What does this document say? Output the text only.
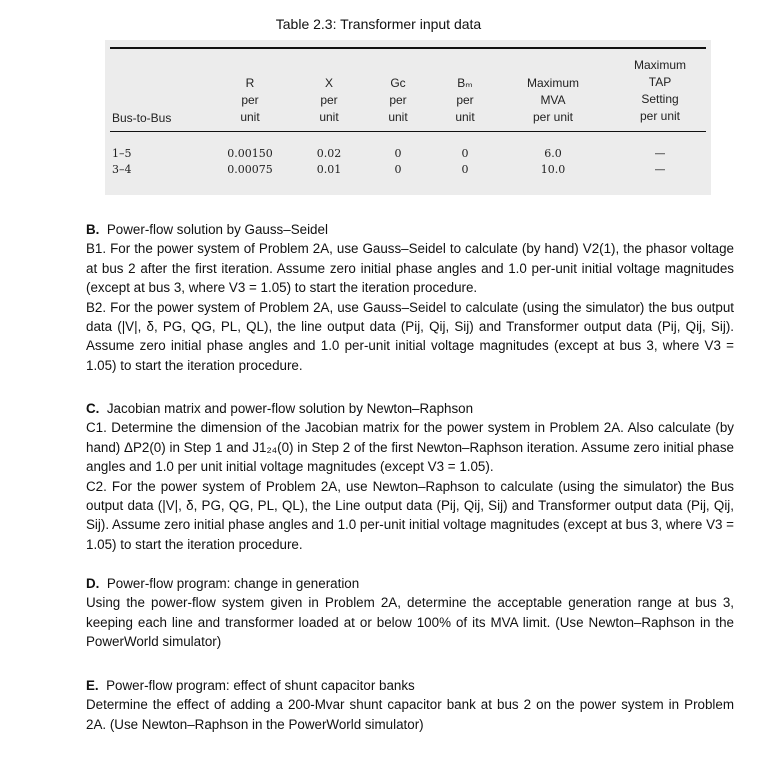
Table 2.3: Transformer input data
Bus-to-Bus
R
per
unit
X
per
unit
Gᴄ
per
unit
Bₘ
per
unit
Maximum
MVA
per unit
Maximum
TAP
Setting
per unit
1–5
3–4
0.00150
0.00075
0.02
0.01
0
0
0
0
6.0
10.0
—
—

B. Power-flow solution by Gauss–Seidel

B1. For the power system of Problem 2A, use Gauss–Seidel to calculate (by hand) V2(1), the phasor voltage at bus 2 after the first iteration. Assume zero initial phase angles and 1.0 per-unit initial voltage magnitudes (except at bus 3, where V3 = 1.05) to start the iteration procedure.

B2. For the power system of Problem 2A, use Gauss–Seidel to calculate (using the simulator) the bus output data (|V|, δ, PG, QG, PL, QL), the line output data (Pij, Qij, Sij) and Transformer output data (Pij, Qij, Sij). Assume zero initial phase angles and 1.0 per-unit initial voltage magnitudes (except at bus 3, where V3 = 1.05) to start the iteration procedure.

C. Jacobian matrix and power-flow solution by Newton–Raphson

C1. Determine the dimension of the Jacobian matrix for the power system in Problem 2A. Also calculate (by hand) ΔP2(0) in Step 1 and J1₂₄(0) in Step 2 of the first Newton–Raphson iteration. Assume zero initial phase angles and 1.0 per unit initial voltage magnitudes (except V3 = 1.05).

C2. For the power system of Problem 2A, use Newton–Raphson to calculate (using the simulator) the Bus output data (|V|, δ, PG, QG, PL, QL), the Line output data (Pij, Qij, Sij) and Transformer output data (Pij, Qij, Sij). Assume zero initial phase angles and 1.0 per-unit initial voltage magnitudes (except at bus 3, where V3 = 1.05) to start the iteration procedure.

D. Power-flow program: change in generation

Using the power-flow system given in Problem 2A, determine the acceptable generation range at bus 3, keeping each line and transformer loaded at or below 100% of its MVA limit. (Use Newton–Raphson in the PowerWorld simulator)

E. Power-flow program: effect of shunt capacitor banks

Determine the effect of adding a 200-Mvar shunt capacitor bank at bus 2 on the power system in Problem 2A. (Use Newton–Raphson in the PowerWorld simulator)
